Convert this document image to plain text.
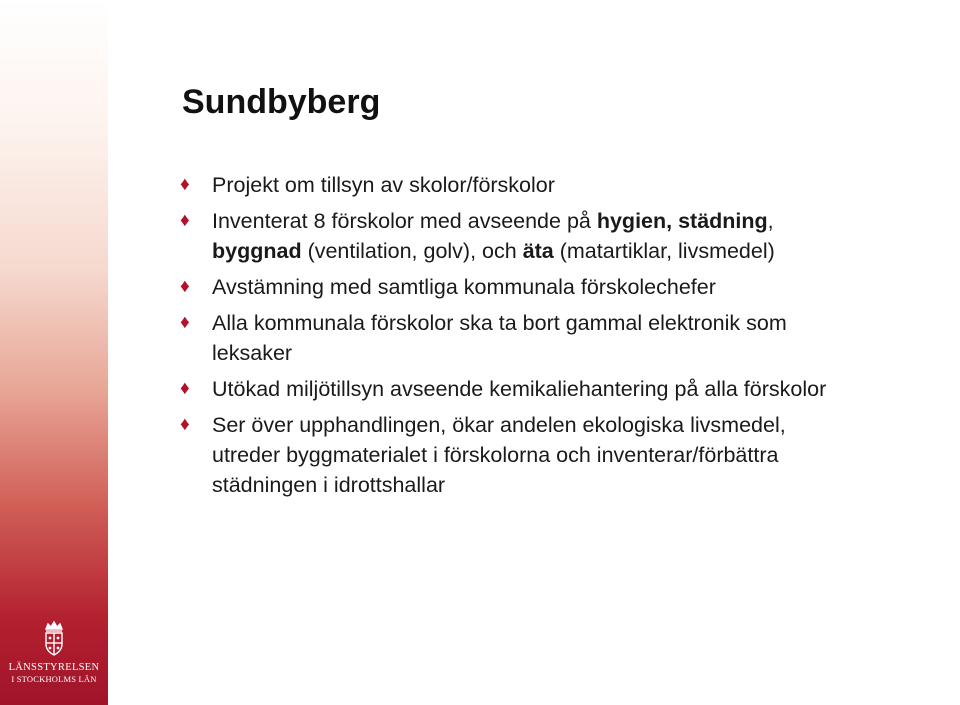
LÄNSSTYRELSEN
I STOCKHOLMS LÄN
Sundbyberg
♦ Projekt om tillsyn av skolor/förskolor
♦ Inventerat 8 förskolor med avseende på hygien, städning,
byggnad (ventilation, golv), och äta (matartiklar, livsmedel)
♦ Avstämning med samtliga kommunala förskolechefer
♦ Alla kommunala förskolor ska ta bort gammal elektronik som
leksaker
♦ Utökad miljötillsyn avseende kemikaliehantering på alla förskolor
♦ Ser över upphandlingen, ökar andelen ekologiska livsmedel,
utreder byggmaterialet i förskolorna och inventerar/förbättra
städningen i idrottshallar
